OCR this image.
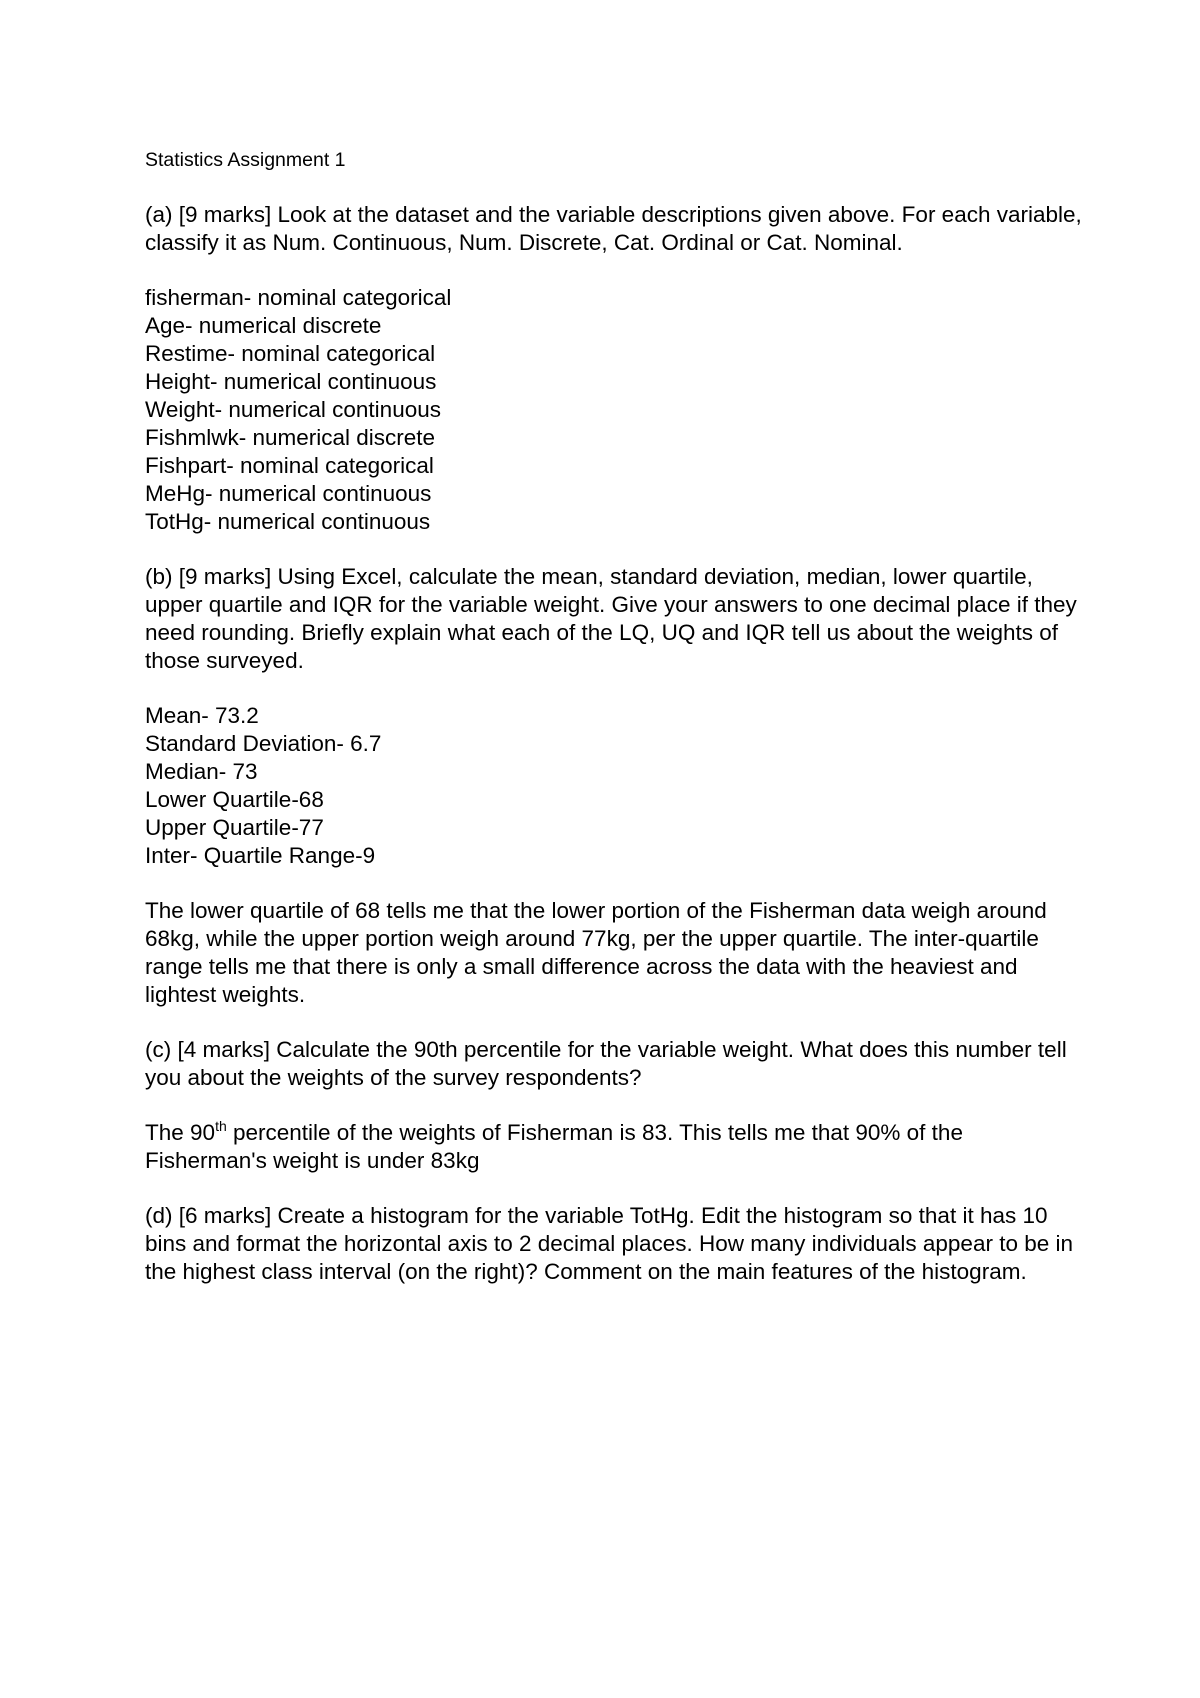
Statistics Assignment 1
(a) [9 marks] Look at the dataset and the variable descriptions given above. For each variable, classify it as Num. Continuous, Num. Discrete, Cat. Ordinal or Cat. Nominal.
fisherman- nominal categorical
Age- numerical discrete
Restime- nominal categorical
Height- numerical continuous
Weight- numerical continuous
Fishmlwk- numerical discrete
Fishpart- nominal categorical
MeHg- numerical continuous
TotHg- numerical continuous
(b) [9 marks] Using Excel, calculate the mean, standard deviation, median, lower quartile, upper quartile and IQR for the variable weight. Give your answers to one decimal place if they need rounding. Briefly explain what each of the LQ, UQ and IQR tell us about the weights of those surveyed.
Mean- 73.2
Standard Deviation- 6.7
Median- 73
Lower Quartile-68
Upper Quartile-77
Inter- Quartile Range-9
The lower quartile of 68 tells me that the lower portion of the Fisherman data weigh around 68kg, while the upper portion weigh around 77kg, per the upper quartile. The inter-quartile range tells me that there is only a small difference across the data with the heaviest and lightest weights.
(c) [4 marks] Calculate the 90th percentile for the variable weight. What does this number tell you about the weights of the survey respondents?
The 90th percentile of the weights of Fisherman is 83. This tells me that 90% of the Fisherman's weight is under 83kg
(d) [6 marks] Create a histogram for the variable TotHg. Edit the histogram so that it has 10 bins and format the horizontal axis to 2 decimal places. How many individuals appear to be in the highest class interval (on the right)? Comment on the main features of the histogram.
